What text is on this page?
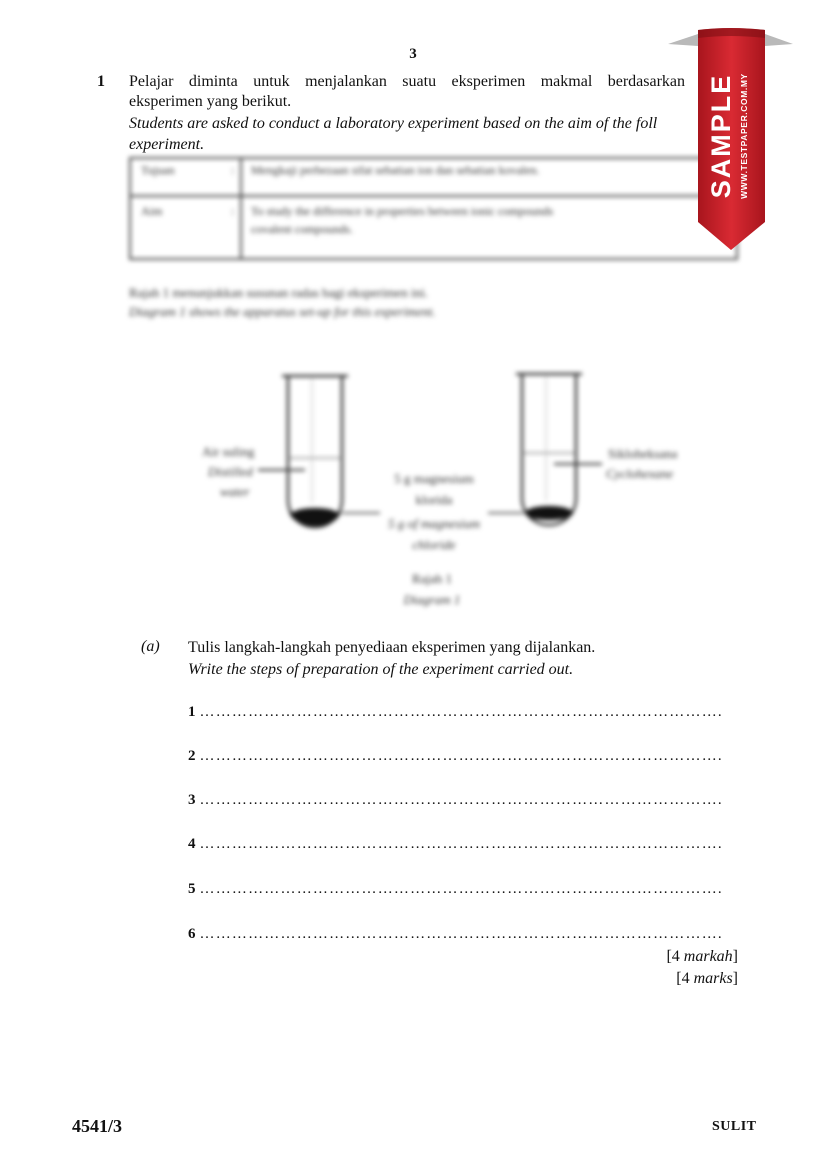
3
1 Pelajar diminta untuk menjalankan suatu eksperimen makmal berdasarkan
eksperimen yang berikut.
Students are asked to conduct a laboratory experiment based on the aim of the foll
experiment.
Tujuan	: Mengkaji perbezaan sifat sebatian ion dan sebatian kovalen.
Aim	: To study the difference in properties between ionic compounds
covalent compounds.
Rajah 1 menunjukkan susunan radas bagi eksperimen ini.
Diagram 1 shows the apparatus set-up for this experiment.
Air suling
Distilled
water
5 g magnesium
klorida
5 g of magnesium
chloride
Sikloheksana
Cyclohexane
Rajah 1
Diagram 1
(a) Tulis langkah-langkah penyediaan eksperimen yang dijalankan.
Write the steps of preparation of the experiment carried out.
1 …………………………………………………………………………………….
2 …………………………………………………………………………………….
3 …………………………………………………………………………………….
4 …………………………………………………………………………………….
5 …………………………………………………………………………………….
6 …………………………………………………………………………………….
[4 markah]
[4 marks]
4541/3	SULIT
SAMPLE WWW.TESTPAPER.COM.MY
